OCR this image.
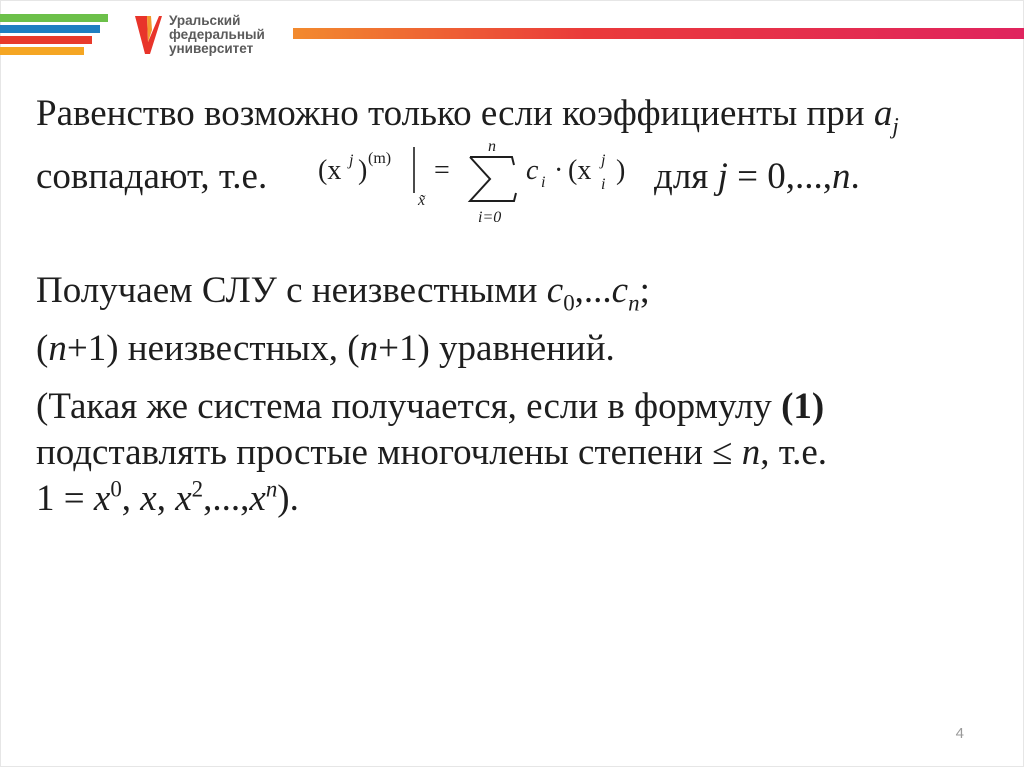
Уральский
федеральный
университет
Равенство возможно только если коэффициенты при $a_j$
совпадают, т.е. (x j ) (m)
x̃
=
n
i=0
c i · (x j
i ) для j = 0,...,n.
Получаем СЛУ с неизвестными $c_0,...c_n$;
(n+1) неизвестных, (n+1) уравнений.
(Такая же система получается, если в формулу (1)
подставлять простые многочлены степени ≤ n, т.е.
$1 = x^0$, x, $x^2,...,x^n$).
4
